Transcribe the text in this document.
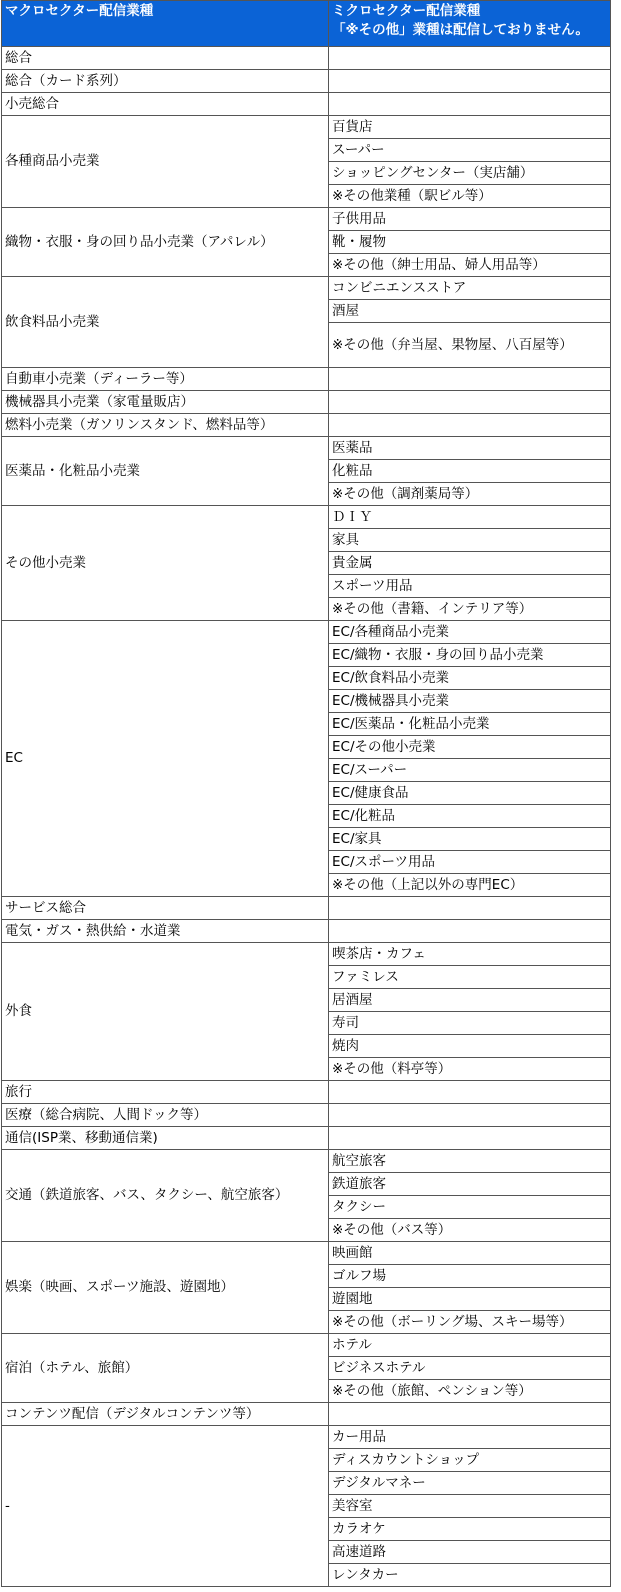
マクロセクター配信業種	ミクロセクター配信業種
「※その他」業種は配信しておりません。

総合	
総合（カード系列）	
小売総合	
各種商品小売業	百貨店
	スーパー
	ショッピングセンター（実店舗）
	※その他業種（駅ビル等）
織物・衣服・身の回り品小売業（アパレル）	子供用品
	靴・履物
	※その他（紳士用品、婦人用品等）
飲食料品小売業	コンビニエンスストア
	酒屋
	※その他（弁当屋、果物屋、八百屋等）
自動車小売業（ディーラー等）	
機械器具小売業（家電量販店）	
燃料小売業（ガソリンスタンド、燃料品等）	
医薬品・化粧品小売業	医薬品
	化粧品
	※その他（調剤薬局等）
その他小売業	ＤＩＹ
	家具
	貴金属
	スポーツ用品
	※その他（書籍、インテリア等）
EC	EC/各種商品小売業
	EC/織物・衣服・身の回り品小売業
	EC/飲食料品小売業
	EC/機械器具小売業
	EC/医薬品・化粧品小売業
	EC/その他小売業
	EC/スーパー
	EC/健康食品
	EC/化粧品
	EC/家具
	EC/スポーツ用品
	※その他（上記以外の専門EC）
サービス総合	
電気・ガス・熱供給・水道業	
外食	喫茶店・カフェ
	ファミレス
	居酒屋
	寿司
	焼肉
	※その他（料亭等）
旅行	
医療（総合病院、人間ドック等）	
通信(ISP業、移動通信業)	
交通（鉄道旅客、バス、タクシー、航空旅客）	航空旅客
	鉄道旅客
	タクシー
	※その他（バス等）
娯楽（映画、スポーツ施設、遊園地）	映画館
	ゴルフ場
	遊園地
	※その他（ボーリング場、スキー場等）
宿泊（ホテル、旅館）	ホテル
	ビジネスホテル
	※その他（旅館、ペンション等）
コンテンツ配信（デジタルコンテンツ等）	
-	カー用品
	ディスカウントショップ
	デジタルマネー
	美容室
	カラオケ
	高速道路
	レンタカー
